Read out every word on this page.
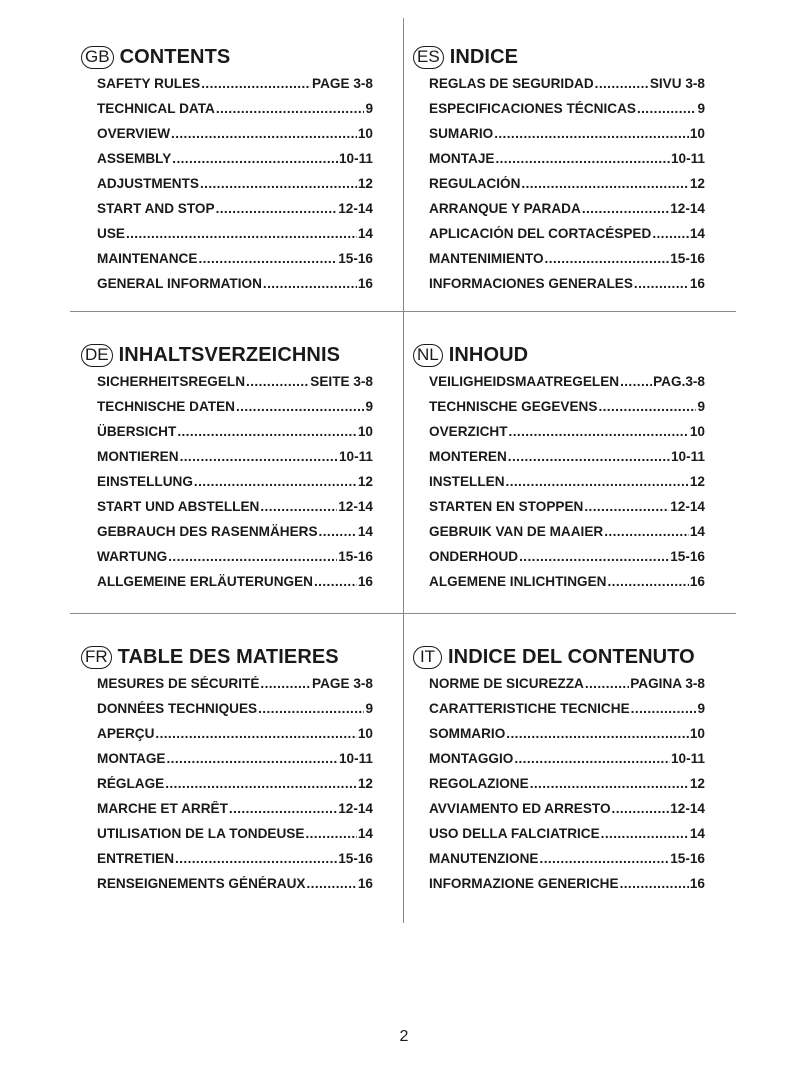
GB CONTENTS
SAFETY RULES .....	PAGE 3-8
TECHNICAL DATA .....	9
OVERVIEW .....	10
ASSEMBLY .....	10-11
ADJUSTMENTS .....	12
START AND STOP .....	12-14
USE .....	14
MAINTENANCE .....	15-16
GENERAL INFORMATION .....	16
ES INDICE
REGLAS DE SEGURIDAD .....	SIVU 3-8
ESPECIFICACIONES TÉCNICAS .....	9
SUMARIO .....	10
MONTAJE .....	10-11
REGULACIÓN .....	12
ARRANQUE Y PARADA .....	12-14
APLICACIÓN DEL CORTACÉSPED .....	14
MANTENIMIENTO .....	15-16
INFORMACIONES GENERALES .....	16
DE INHALTSVERZEICHNIS
SICHERHEITSREGELN .....	SEITE 3-8
TECHNISCHE DATEN .....	9
ÜBERSICHT .....	10
MONTIEREN .....	10-11
EINSTELLUNG .....	12
START UND ABSTELLEN .....	12-14
GEBRAUCH DES RASENMÄHERS .....	14
WARTUNG .....	15-16
ALLGEMEINE ERLÄUTERUNGEN .....	16
NL INHOUD
VEILIGHEIDSMAATREGELEN .....	PAG.3-8
TECHNISCHE GEGEVENS .....	9
OVERZICHT .....	10
MONTEREN .....	10-11
INSTELLEN .....	12
STARTEN EN STOPPEN .....	12-14
GEBRUIK VAN DE MAAIER .....	14
ONDERHOUD .....	15-16
ALGEMENE INLICHTINGEN .....	16
FR TABLE DES MATIERES
MESURES DE SÉCURITÉ .....	PAGE 3-8
DONNÉES TECHNIQUES .....	9
APERÇU .....	10
MONTAGE .....	10-11
RÉGLAGE .....	12
MARCHE ET ARRÊT .....	12-14
UTILISATION DE LA TONDEUSE .....	14
ENTRETIEN .....	15-16
RENSEIGNEMENTS GÉNÉRAUX .....	16
IT INDICE DEL CONTENUTO
NORME DE SICUREZZA .....	PAGINA 3-8
CARATTERISTICHE TECNICHE .....	9
SOMMARIO .....	10
MONTAGGIO .....	10-11
REGOLAZIONE .....	12
AVVIAMENTO ED ARRESTO .....	12-14
USO DELLA FALCIATRICE .....	14
MANUTENZIONE .....	15-16
INFORMAZIONE GENERICHE .....	16
2
